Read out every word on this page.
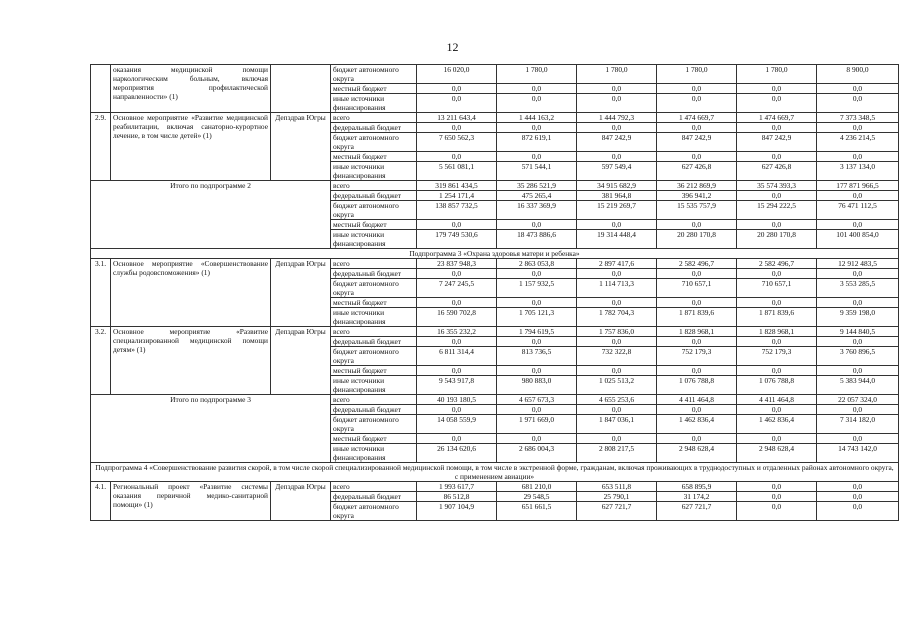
12
	оказания медицинской помощи наркологическим больным, включая мероприятия профилактической направленности» (1)		бюджет автономного округа	16 020,0	1 780,0	1 780,0	1 780,0	1 780,0	8 900,0
			местный бюджет	0,0	0,0	0,0	0,0	0,0	0,0
			иные источники финансирования	0,0	0,0	0,0	0,0	0,0	0,0
2.9.	Основное мероприятие «Развитие медицинской реабилитации, включая санаторно-курортное лечение, в том числе детей» (1)	Депздрав Югры	всего	13 211 643,4	1 444 163,2	1 444 792,3	1 474 669,7	1 474 669,7	7 373 348,5
			федеральный бюджет	0,0	0,0	0,0	0,0	0,0	0,0
			бюджет автономного округа	7 650 562,3	872 619,1	847 242,9	847 242,9	847 242,9	4 236 214,5
			местный бюджет	0,0	0,0	0,0	0,0	0,0	0,0
			иные источники финансирования	5 561 081,1	571 544,1	597 549,4	627 426,8	627 426,8	3 137 134,0
Итого по подпрограмме 2			всего	319 861 434,5	35 286 521,9	34 915 682,9	36 212 869,9	35 574 393,3	177 871 966,5
			федеральный бюджет	1 254 171,4	475 265,4	381 964,8	396 941,2	0,0	0,0
			бюджет автономного округа	138 857 732,5	16 337 369,9	15 219 269,7	15 535 757,9	15 294 222,5	76 471 112,5
			местный бюджет	0,0	0,0	0,0	0,0	0,0	0,0
			иные источники финансирования	179 749 530,6	18 473 886,6	19 314 448,4	20 280 170,8	20 280 170,8	101 400 854,0
Подпрограмма 3 «Охрана здоровья матери и ребенка»									
3.1.	Основное мероприятие «Совершенствование службы родовспоможения» (1)	Депздрав Югры	всего	23 837 948,3	2 863 053,8	2 897 417,6	2 582 496,7	2 582 496,7	12 912 483,5
			федеральный бюджет	0,0	0,0	0,0	0,0	0,0	0,0
			бюджет автономного округа	7 247 245,5	1 157 932,5	1 114 713,3	710 657,1	710 657,1	3 553 285,5
			местный бюджет	0,0	0,0	0,0	0,0	0,0	0,0
			иные источники финансирования	16 590 702,8	1 705 121,3	1 782 704,3	1 871 839,6	1 871 839,6	9 359 198,0
3.2.	Основное мероприятие «Развитие специализированной медицинской помощи детям» (1)	Депздрав Югры	всего	16 355 232,2	1 794 619,5	1 757 836,0	1 828 968,1	1 828 968,1	9 144 840,5
			федеральный бюджет	0,0	0,0	0,0	0,0	0,0	0,0
			бюджет автономного округа	6 811 314,4	813 736,5	732 322,8	752 179,3	752 179,3	3 760 896,5
			местный бюджет	0,0	0,0	0,0	0,0	0,0	0,0
			иные источники финансирования	9 543 917,8	980 883,0	1 025 513,2	1 076 788,8	1 076 788,8	5 383 944,0
Итого по подпрограмме 3			всего	40 193 180,5	4 657 673,3	4 655 253,6	4 411 464,8	4 411 464,8	22 057 324,0
			федеральный бюджет	0,0	0,0	0,0	0,0	0,0	0,0
			бюджет автономного округа	14 058 559,9	1 971 669,0	1 847 036,1	1 462 836,4	1 462 836,4	7 314 182,0
			местный бюджет	0,0	0,0	0,0	0,0	0,0	0,0
			иные источники финансирования	26 134 620,6	2 686 004,3	2 808 217,5	2 948 628,4	2 948 628,4	14 743 142,0
Подпрограмма 4 «Совершенствование развития скорой, в том числе скорой специализированной медицинской помощи, в том числе в экстренной форме, гражданам, включая проживающих в труднодоступных и отдаленных районах автономного округа, с применением авиации»									
4.1.	Региональный проект «Развитие системы оказания первичной медико-санитарной помощи» (1)	Депздрав Югры	всего	1 993 617,7	681 210,0	653 511,8	658 895,9	0,0	0,0
			федеральный бюджет	86 512,8	29 548,5	25 790,1	31 174,2	0,0	0,0
			бюджет автономного округа	1 907 104,9	651 661,5	627 721,7	627 721,7	0,0	0,0
